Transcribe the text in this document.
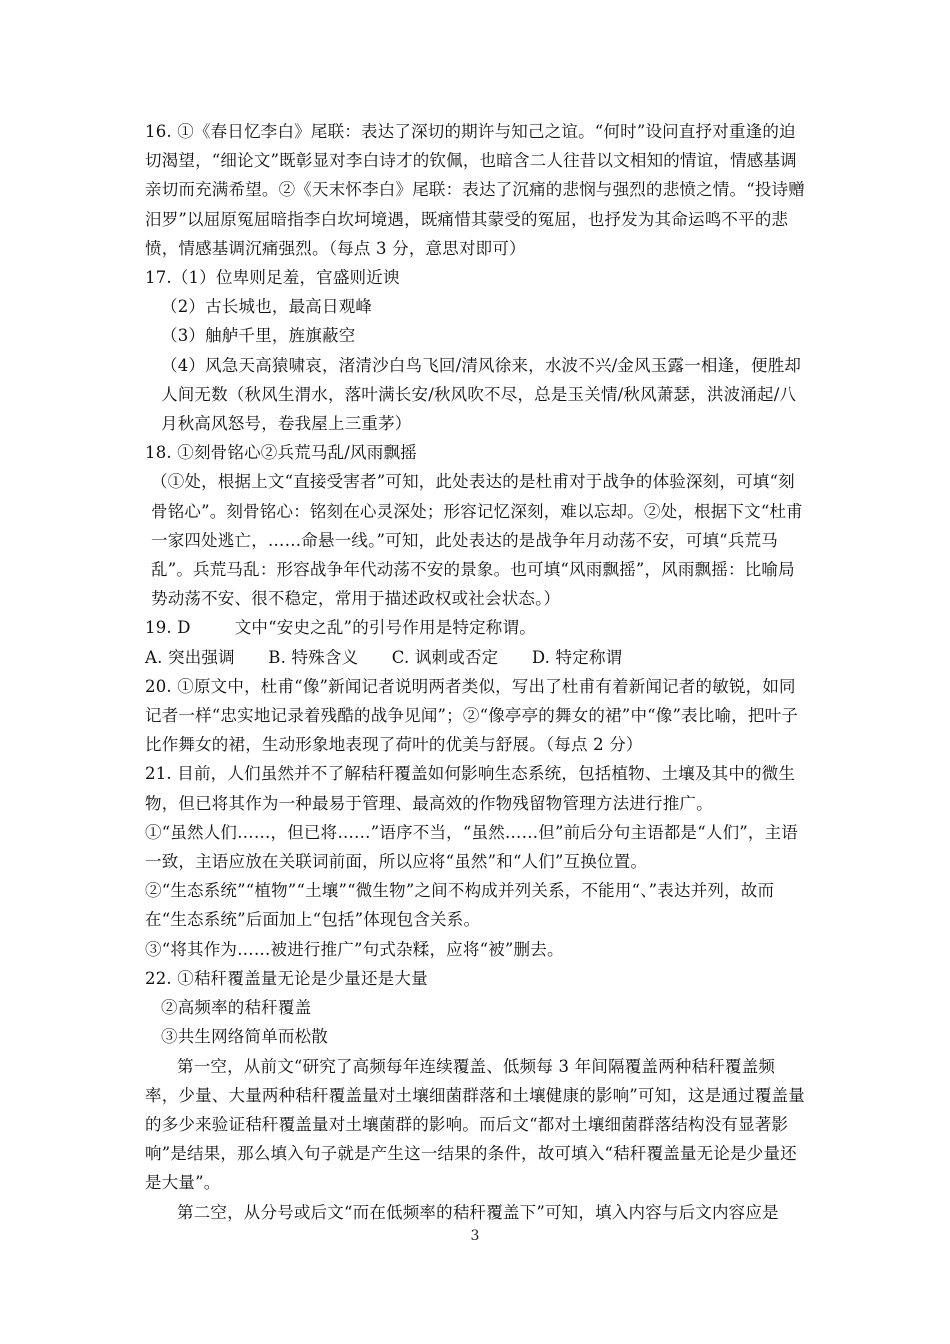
16. ①《春日忆李白》尾联：表达了深切的期许与知己之谊。“何时”设问直抒对重逢的迫切渴望，“细论文”既彰显对李白诗才的钦佩，也暗含二人往昔以文相知的情谊，情感基调亲切而充满希望。②《天末怀李白》尾联：表达了沉痛的悲悯与强烈的悲愤之情。“投诗赠汨罗”以屈原冤屈暗指李白坎坷境遇，既痛惜其蒙受的冤屈，也抒发为其命运鸣不平的悲愤，情感基调沉痛强烈。（每点 3 分，意思对即可）

17.（1）位卑则足羞，官盛则近谀

（2）古长城也，最高日观峰

（3）舳舻千里，旌旗蔽空

（4）风急天高猿啸哀，渚清沙白鸟飞回/清风徐来，水波不兴/金风玉露一相逢，便胜却人间无数（秋风生渭水，落叶满长安/秋风吹不尽，总是玉关情/秋风萧瑟，洪波涌起/八月秋高风怒号，卷我屋上三重茅）

18. ①刻骨铭心②兵荒马乱/风雨飘摇

（①处，根据上文“直接受害者”可知，此处表达的是杜甫对于战争的体验深刻，可填“刻骨铭心”。刻骨铭心：铭刻在心灵深处；形容记忆深刻，难以忘却。②处，根据下文“杜甫一家四处逃亡，……命悬一线。”可知，此处表达的是战争年月动荡不安，可填“兵荒马乱”。兵荒马乱：形容战争年代动荡不安的景象。也可填“风雨飘摇”，风雨飘摇：比喻局势动荡不安、很不稳定，常用于描述政权或社会状态。）

19. D	文中“安史之乱”的引号作用是特定称谓。

A. 突出强调 B. 特殊含义 C. 讽刺或否定 D. 特定称谓

20. ①原文中，杜甫“像”新闻记者说明两者类似，写出了杜甫有着新闻记者的敏锐，如同记者一样“忠实地记录着残酷的战争见闻”；②“像亭亭的舞女的裙”中“像”表比喻，把叶子比作舞女的裙，生动形象地表现了荷叶的优美与舒展。（每点 2 分）

21. 目前，人们虽然并不了解秸秆覆盖如何影响生态系统，包括植物、土壤及其中的微生物，但已将其作为一种最易于管理、最高效的作物残留物管理方法进行推广。

①“虽然人们……，但已将……”语序不当，“虽然……但”前后分句主语都是“人们”，主语一致，主语应放在关联词前面，所以应将“虽然”和“人们”互换位置。

②“生态系统”“植物”“土壤”“微生物”之间不构成并列关系，不能用“、”表达并列，故而在“生态系统”后面加上“包括”体现包含关系。

③“将其作为……被进行推广”句式杂糅，应将“被”删去。

22. ①秸秆覆盖量无论是少量还是大量

②高频率的秸秆覆盖

③共生网络简单而松散

第一空，从前文“研究了高频每年连续覆盖、低频每 3 年间隔覆盖两种秸秆覆盖频率，少量、大量两种秸秆覆盖量对土壤细菌群落和土壤健康的影响”可知，这是通过覆盖量的多少来验证秸秆覆盖量对土壤菌群的影响。而后文“都对土壤细菌群落结构没有显著影响”是结果，那么填入句子就是产生这一结果的条件，故可填入“秸秆覆盖量无论是少量还是大量”。

第二空，从分号或后文“而在低频率的秸秆覆盖下”可知，填入内容与后文内容应是

3
